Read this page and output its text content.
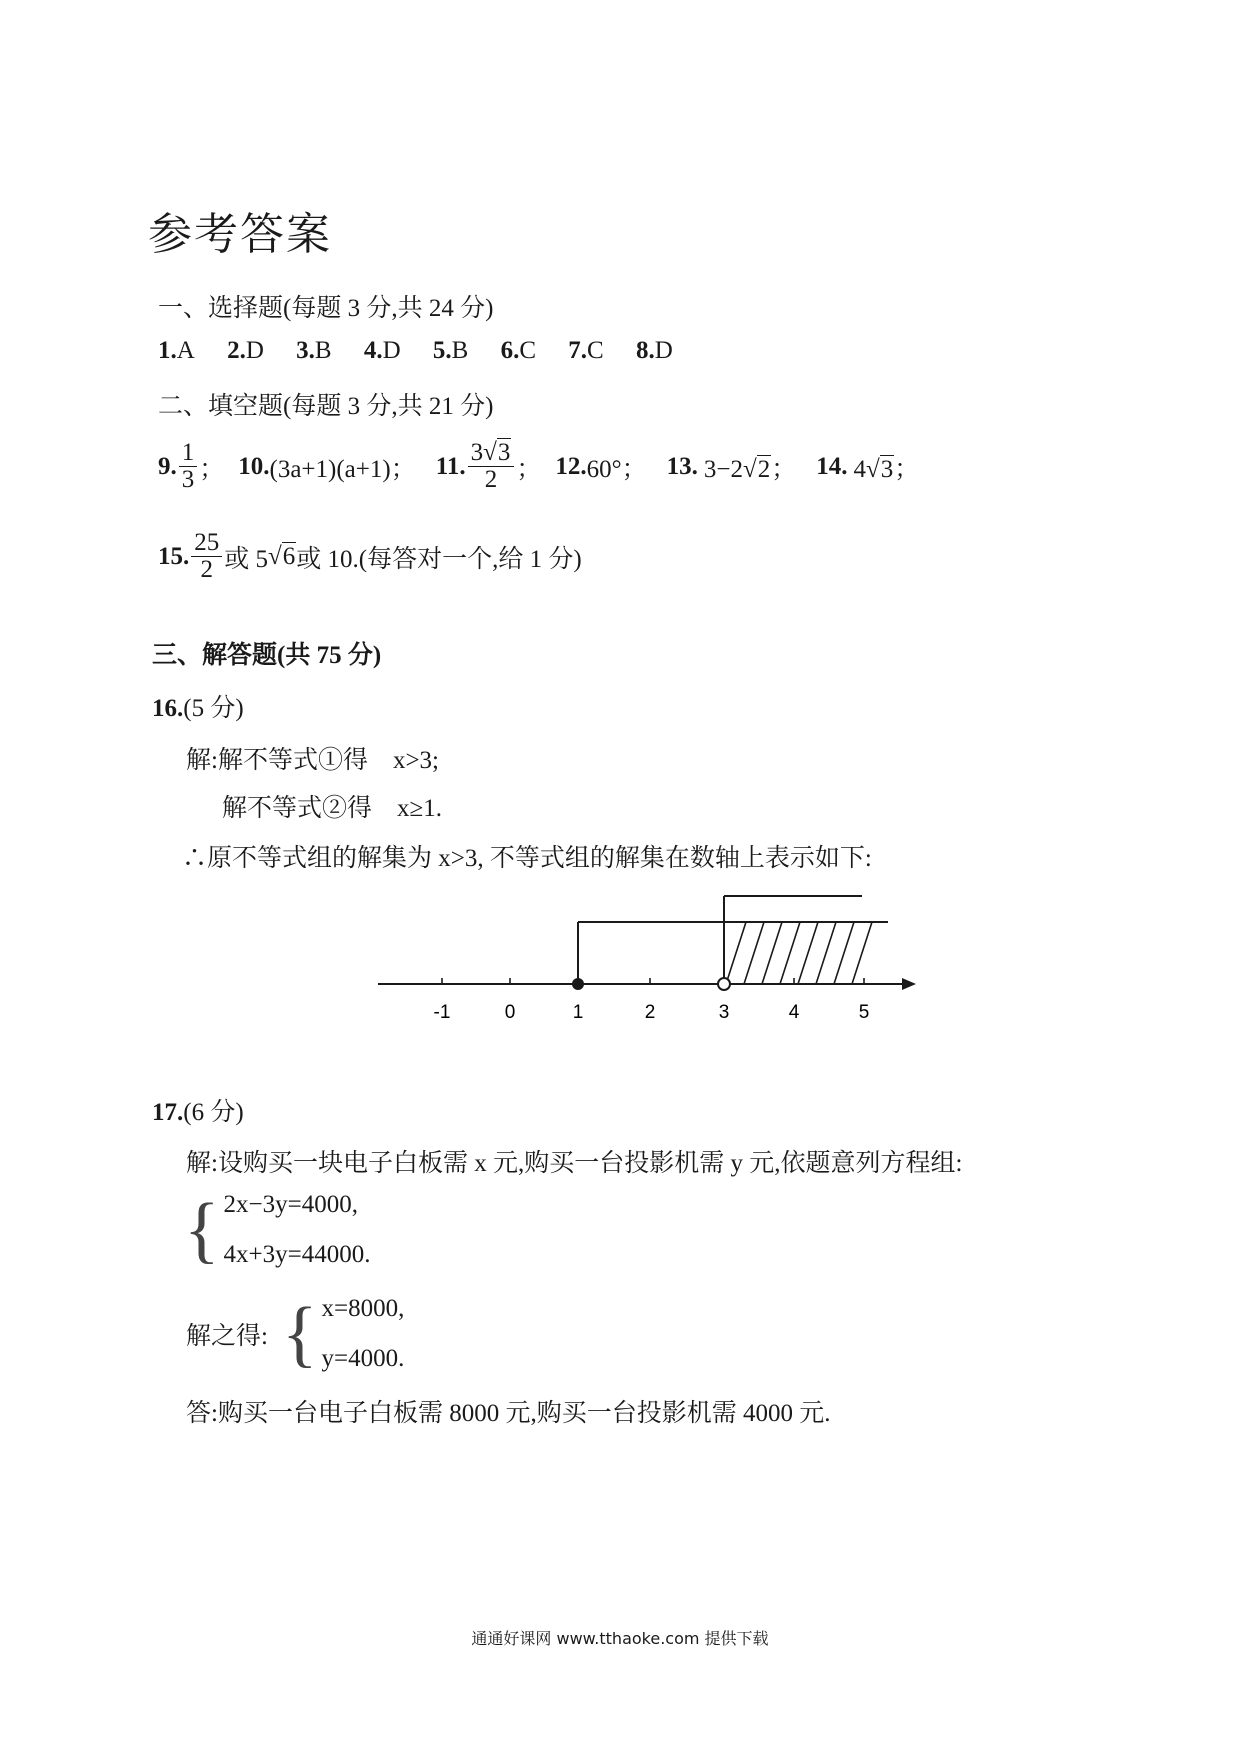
参考答案
一、选择题(每题 3 分,共 24 分)
1.A 2.D 3.B 4.D 5.B 6.C 7.C 8.D
二、填空题(每题 3 分,共 21 分)
9. $\frac{1}{3}$ ； 10. (3a+1)(a+1)； 11. $\frac{3√3}{2}$ ； 12. 60°； 13. 3−2√2； 14. 4√3；
15. $\frac{25}{2}$ 或 5 √ 6 或 10.(每答对一个,给 1 分)
三、解答题(共 75 分)
16.(5 分)
解:解不等式①得　x>3;
解不等式②得　x≥1.
∴原不等式组的解集为 x>3, 不等式组的解集在数轴上表示如下:
-1	0	1	2	3	4	5
17.(6 分)
解:设购买一块电子白板需 x 元,购买一台投影机需 y 元,依题意列方程组:
{ 2x−3y=4000,
4x+3y=44000.
解之得: { x=8000,
y=4000.
答:购买一台电子白板需 8000 元,购买一台投影机需 4000 元.
通通好课网 www.tthaoke.com 提供下载
